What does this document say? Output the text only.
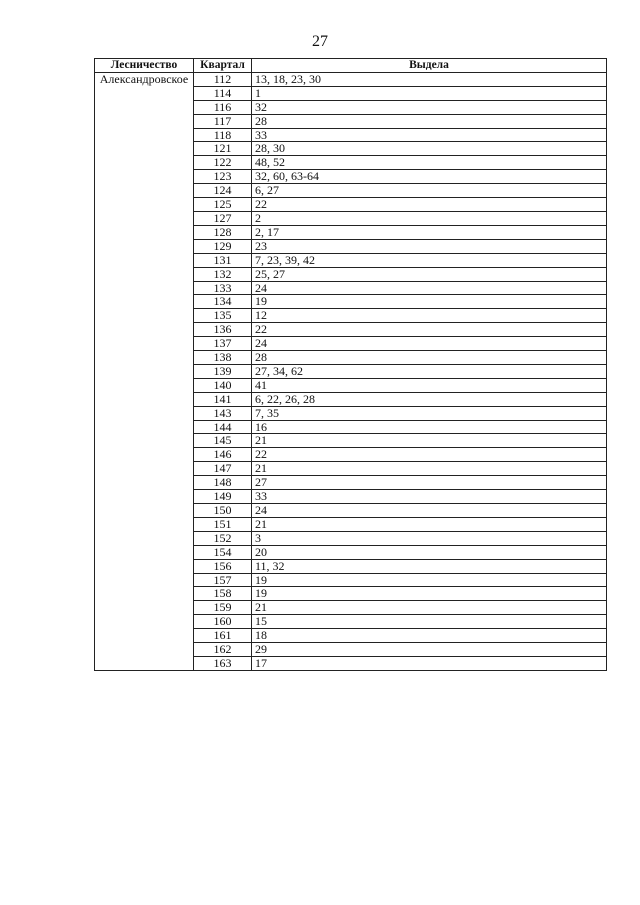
27
Лесничество	Квартал	Выдела
Александровское	112	13, 18, 23, 30
	114	1
	116	32
	117	28
	118	33
	121	28, 30
	122	48, 52
	123	32, 60, 63-64
	124	6, 27
	125	22
	127	2
	128	2, 17
	129	23
	131	7, 23, 39, 42
	132	25, 27
	133	24
	134	19
	135	12
	136	22
	137	24
	138	28
	139	27, 34, 62
	140	41
	141	6, 22, 26, 28
	143	7, 35
	144	16
	145	21
	146	22
	147	21
	148	27
	149	33
	150	24
	151	21
	152	3
	154	20
	156	11, 32
	157	19
	158	19
	159	21
	160	15
	161	18
	162	29
	163	17
